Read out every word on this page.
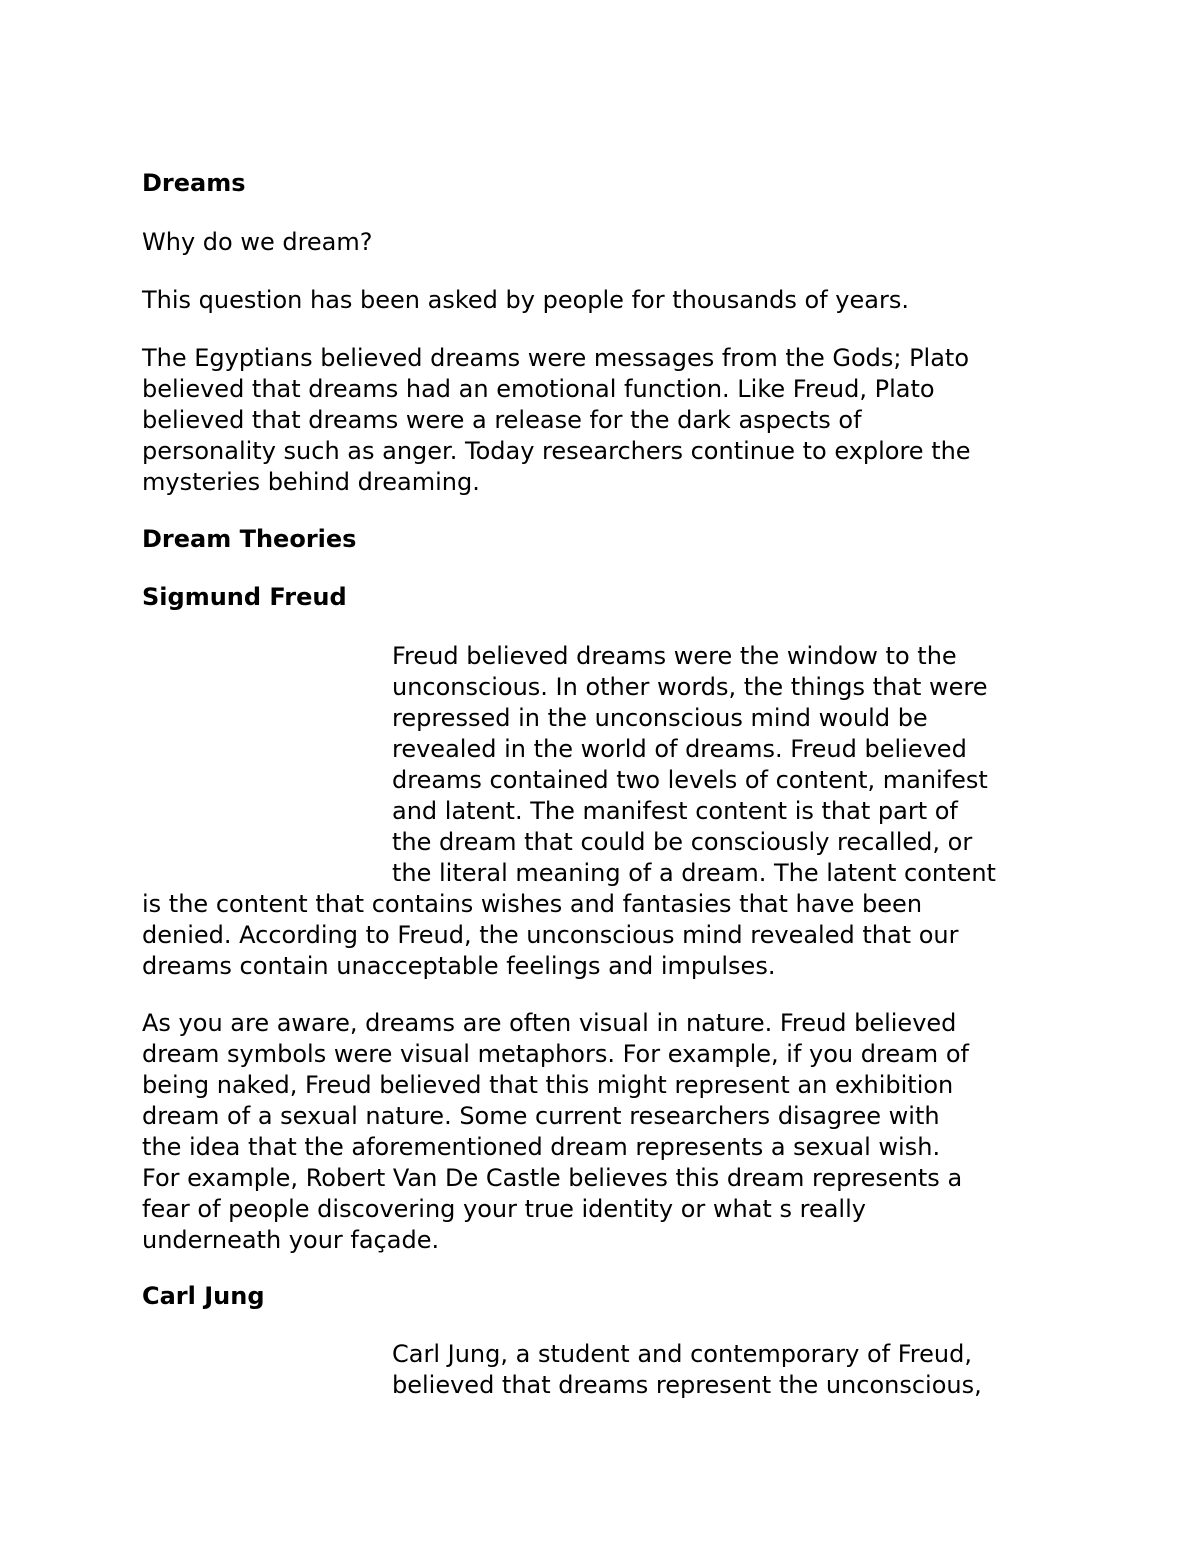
Dreams

Why do we dream?

This question has been asked by people for thousands of years.

The Egyptians believed dreams were messages from the Gods; Plato
believed that dreams had an emotional function. Like Freud, Plato
believed that dreams were a release for the dark aspects of
personality such as anger. Today researchers continue to explore the
mysteries behind dreaming.

Dream Theories

Sigmund Freud

Freud believed dreams were the window to the
unconscious. In other words, the things that were
repressed in the unconscious mind would be
revealed in the world of dreams. Freud believed
dreams contained two levels of content, manifest
and latent. The manifest content is that part of
the dream that could be consciously recalled, or
the literal meaning of a dream. The latent content
is the content that contains wishes and fantasies that have been
denied. According to Freud, the unconscious mind revealed that our
dreams contain unacceptable feelings and impulses.
As you are aware, dreams are often visual in nature. Freud believed
dream symbols were visual metaphors. For example, if you dream of
being naked, Freud believed that this might represent an exhibition
dream of a sexual nature. Some current researchers disagree with
the idea that the aforementioned dream represents a sexual wish.
For example, Robert Van De Castle believes this dream represents a
fear of people discovering your true identity or what s really
underneath your façade.

Carl Jung

Carl Jung, a student and contemporary of Freud,
believed that dreams represent the unconscious,
